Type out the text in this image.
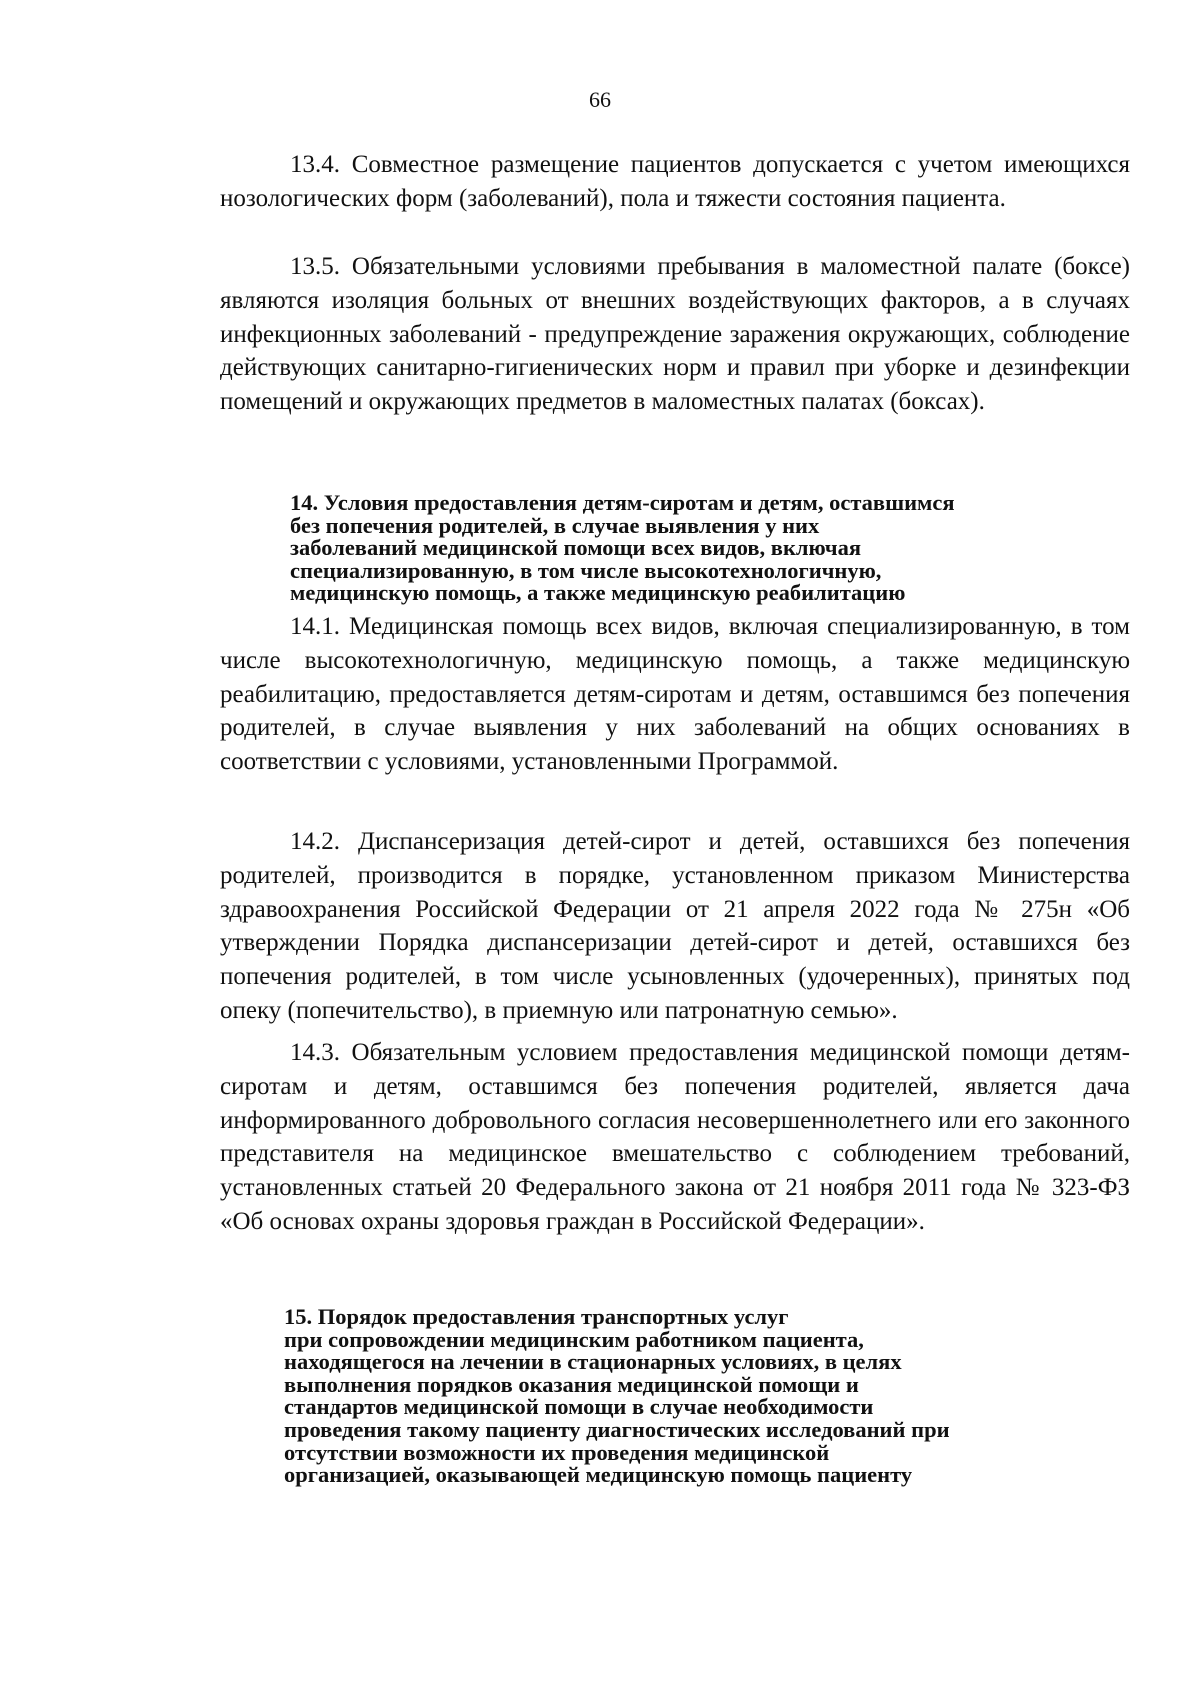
66

13.4. Совместное размещение пациентов допускается с учетом имеющихся нозологических форм (заболеваний), пола и тяжести состояния пациента.

13.5. Обязательными условиями пребывания в маломестной палате (боксе) являются изоляция больных от внешних воздействующих факторов, а в случаях инфекционных заболеваний - предупреждение заражения окружающих, соблюдение действующих санитарно-гигиенических норм и правил при уборке и дезинфекции помещений и окружающих предметов в маломестных палатах (боксах).

14. Условия предоставления детям-сиротам и детям, оставшимся
без попечения родителей, в случае выявления у них
заболеваний медицинской помощи всех видов, включая
специализированную, в том числе высокотехнологичную,
медицинскую помощь, а также медицинскую реабилитацию

14.1. Медицинская помощь всех видов, включая специализированную, в том числе высокотехнологичную, медицинскую помощь, а также медицинскую реабилитацию, предоставляется детям-сиротам и детям, оставшимся без попечения родителей, в случае выявления у них заболеваний на общих основаниях в соответствии с условиями, установленными Программой.

14.2. Диспансеризация детей-сирот и детей, оставшихся без попечения родителей, производится в порядке, установленном приказом Министерства здравоохранения Российской Федерации от 21 апреля 2022 года № 275н «Об утверждении Порядка диспансеризации детей-сирот и детей, оставшихся без попечения родителей, в том числе усыновленных (удочеренных), принятых под опеку (попечительство), в приемную или патронатную семью».

14.3. Обязательным условием предоставления медицинской помощи детям-сиротам и детям, оставшимся без попечения родителей, является дача информированного добровольного согласия несовершеннолетнего или его законного представителя на медицинское вмешательство с соблюдением требований, установленных статьей 20 Федерального закона от 21 ноября 2011 года № 323-ФЗ «Об основах охраны здоровья граждан в Российской Федерации».

15. Порядок предоставления транспортных услуг
при сопровождении медицинским работником пациента,
находящегося на лечении в стационарных условиях, в целях
выполнения порядков оказания медицинской помощи и
стандартов медицинской помощи в случае необходимости
проведения такому пациенту диагностических исследований при
отсутствии возможности их проведения медицинской
организацией, оказывающей медицинскую помощь пациенту
